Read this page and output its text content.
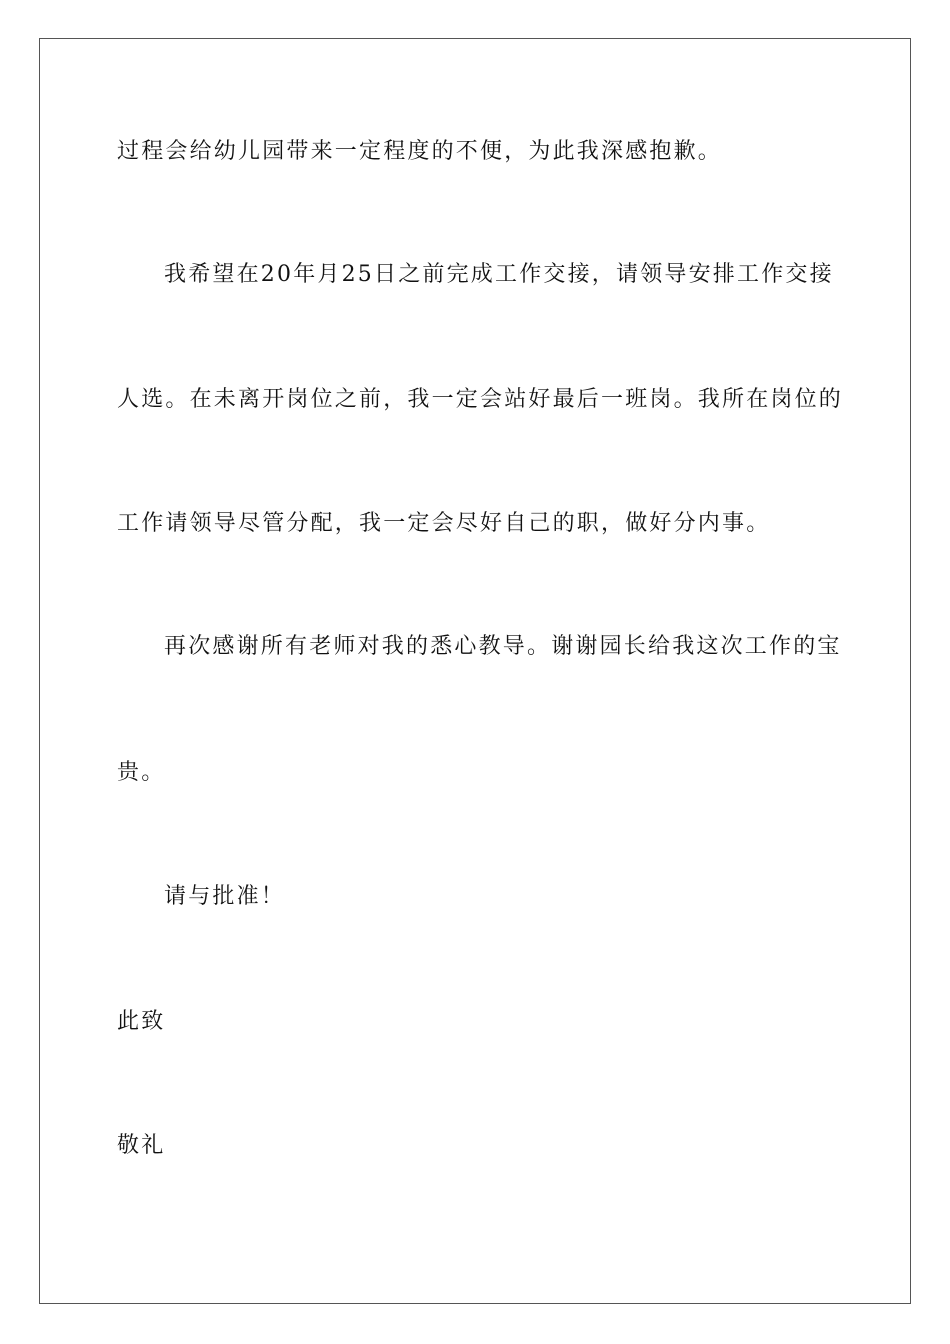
过程会给幼儿园带来一定程度的不便，为此我深感抱歉。
我希望在20年月25日之前完成工作交接，请领导安排工作交接
人选。在未离开岗位之前，我一定会站好最后一班岗。我所在岗位的
工作请领导尽管分配，我一定会尽好自己的职，做好分内事。
再次感谢所有老师对我的悉心教导。谢谢园长给我这次工作的宝
贵。
请与批准！
此致
敬礼
